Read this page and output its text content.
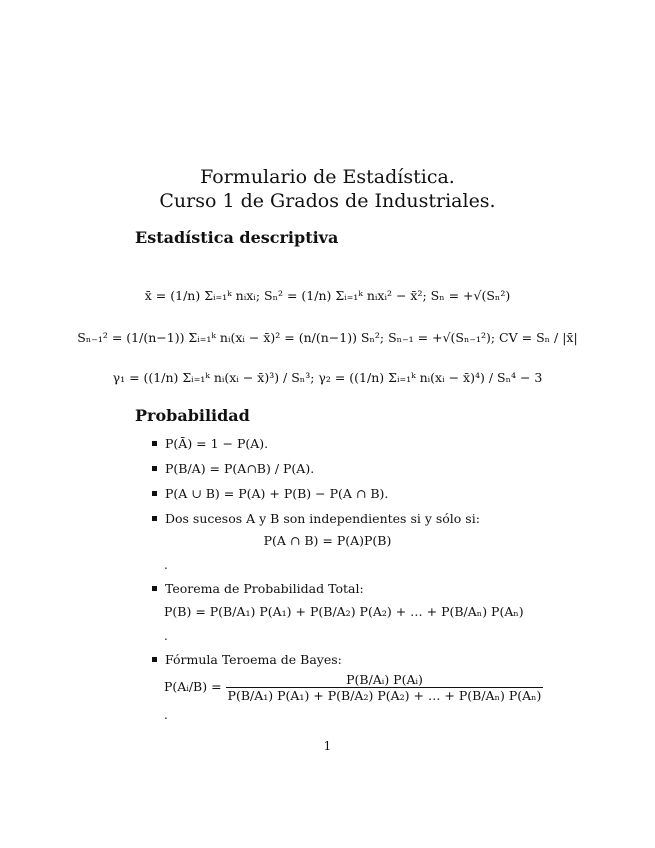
Formulario de Estadística.
Curso 1 de Grados de Industriales.
Estadística descriptiva
x̄ = (1/n) Σᵢ₌₁ᵏ nᵢxᵢ; Sₙ² = (1/n) Σᵢ₌₁ᵏ nᵢxᵢ² − x̄²; Sₙ = +√(Sₙ²)
Sₙ₋₁² = (1/(n−1)) Σᵢ₌₁ᵏ nᵢ(xᵢ − x̄)² = (n/(n−1)) Sₙ²; Sₙ₋₁ = +√(Sₙ₋₁²); CV = Sₙ / |x̄|
γ₁ = ((1/n) Σᵢ₌₁ᵏ nᵢ(xᵢ − x̄)³) / Sₙ³; γ₂ = ((1/n) Σᵢ₌₁ᵏ nᵢ(xᵢ − x̄)⁴) / Sₙ⁴ − 3
Probabilidad
P(Ā) = 1 − P(A).
P(B/A) = P(A∩B) / P(A).
P(A ∪ B) = P(A) + P(B) − P(A ∩ B).
Dos sucesos A y B son independientes si y sólo si:
P(A ∩ B) = P(A)P(B)
.
Teorema de Probabilidad Total:
P(B) = P(B/A₁) P(A₁) + P(B/A₂) P(A₂) + … + P(B/Aₙ) P(Aₙ)
.
Fórmula Teroema de Bayes:
P(Aᵢ/B) = $\frac{\text{P(B/Aᵢ) P(Aᵢ)}}{\text{P(B/A₁) P(A₁) + P(B/A₂) P(A₂) + … + P(B/Aₙ) P(Aₙ)}}$
.
1
